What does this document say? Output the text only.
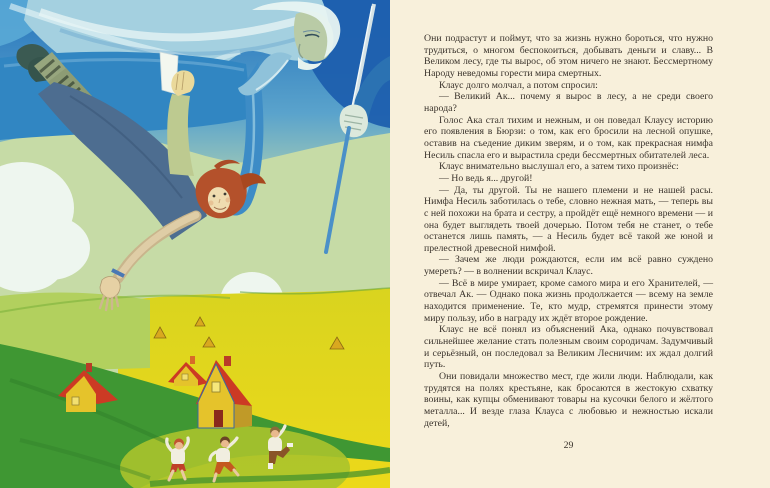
Они подрастут и поймут, что за жизнь нужно бороться, что нужно трудиться, о многом беспокоиться, добывать деньги и славу... В Великом лесу, где ты вырос, об этом ничего не знают. Бессмертному Народу неведомы горести мира смертных.

Клаус долго молчал, а потом спросил:

— Великий Ак... почему я вырос в лесу, а не среди своего народа?

Голос Ака стал тихим и нежным, и он поведал Клаусу историю его появления в Бюрзи: о том, как его бросили на лесной опушке, оставив на съедение диким зверям, и о том, как прекрасная нимфа Несиль спасла его и вырастила среди бессмертных обитателей леса.

Клаус внимательно выслушал его, а затем тихо произнёс:

— Но ведь я... другой!

— Да, ты другой. Ты не нашего племени и не нашей расы. Нимфа Несиль заботилась о тебе, словно нежная мать, — теперь вы с ней похожи на брата и сестру, а пройдёт ещё немного времени — и она будет выглядеть твоей дочерью. Потом тебя не станет, о тебе останется лишь память, — а Несиль будет всё такой же юной и прелестной древесной нимфой.

— Зачем же люди рождаются, если им всё равно суждено умереть? — в волнении вскричал Клаус.

— Всё в мире умирает, кроме самого мира и его Хранителей, — отвечал Ак. — Однако пока жизнь продолжается — всему на земле находится применение. Те, кто мудр, стремятся принести этому миру пользу, ибо в награду их ждёт второе рождение.

Клаус не всё понял из объяснений Ака, однако почувствовал сильнейшее желание стать полезным своим сородичам. Задумчивый и серьёзный, он последовал за Великим Лесничим: их ждал долгий путь.

Они повидали множество мест, где жили люди. Наблюдали, как трудятся на полях крестьяне, как бросаются в жестокую схватку воины, как купцы обменивают товары на кусочки белого и жёлтого металла... И везде глаза Клауса с любовью и нежностью искали детей,

29
